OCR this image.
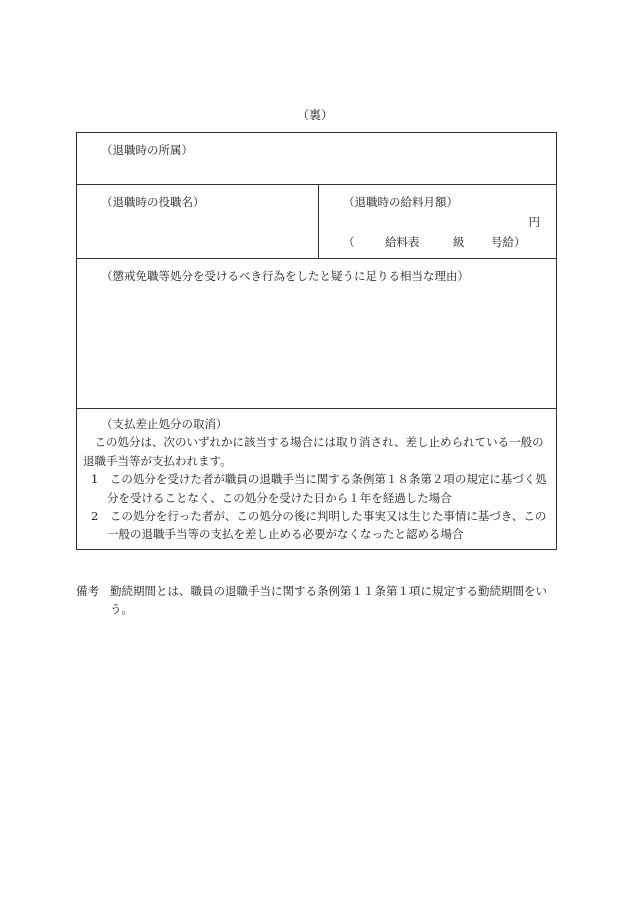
（裏）
（退職時の所属）
（退職時の役職名）	（退職時の給料月額）
円
（	給料表	級 号給）
（懲戒免職等処分を受けるべき行為をしたと疑うに足りる相当な理由）
（支払差止処分の取消）

この処分は、次のいずれかに該当する場合には取り消され、差し止められている一般の退職手当等が支払われます。

1　この処分を受けた者が職員の退職手当に関する条例第１８条第２項の規定に基づく処分を受けることなく、この処分を受けた日から１年を経過した場合

2　この処分を行った者が、この処分の後に判明した事実又は生じた事情に基づき、この一般の退職手当等の支払を差し止める必要がなくなったと認める場合

備考 勤続期間とは、職員の退職手当に関する条例第１１条第１項に規定する勤続期間をいう。
